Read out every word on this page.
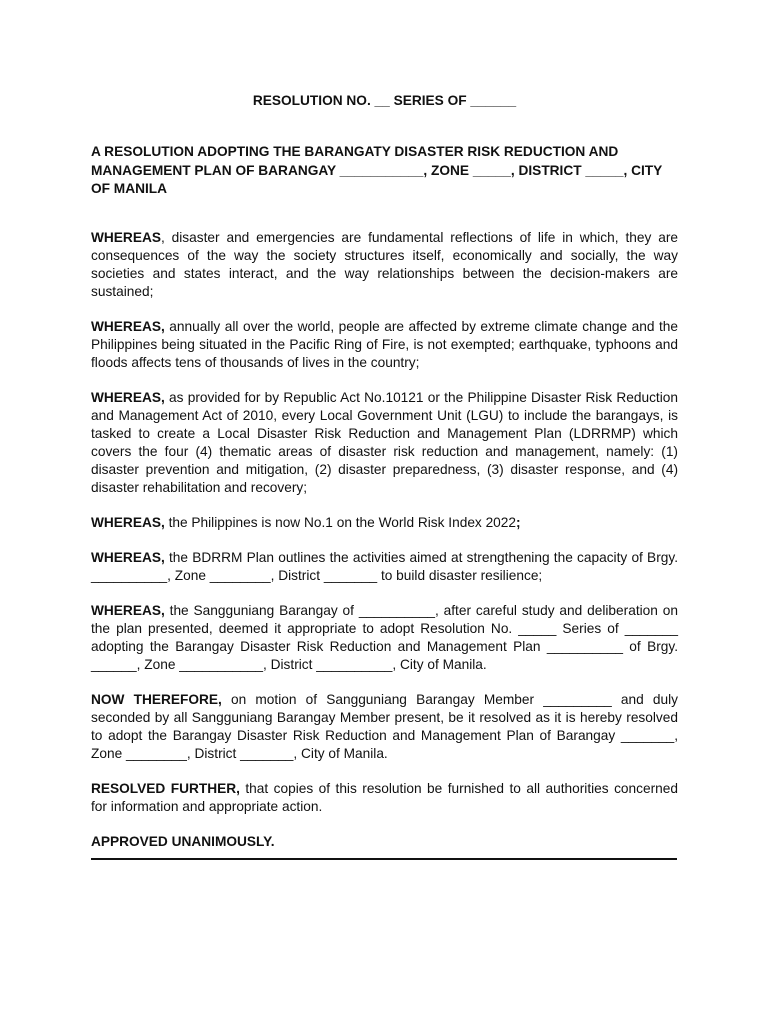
RESOLUTION NO. __ SERIES OF ______
A RESOLUTION ADOPTING THE BARANGATY DISASTER RISK REDUCTION AND MANAGEMENT PLAN OF BARANGAY ___________, ZONE _____, DISTRICT _____, CITY OF MANILA

WHEREAS, disaster and emergencies are fundamental reflections of life in which, they are consequences of the way the society structures itself, economically and socially, the way societies and states interact, and the way relationships between the decision-makers are sustained;

WHEREAS, annually all over the world, people are affected by extreme climate change and the Philippines being situated in the Pacific Ring of Fire, is not exempted; earthquake, typhoons and floods affects tens of thousands of lives in the country;

WHEREAS, as provided for by Republic Act No.10121 or the Philippine Disaster Risk Reduction and Management Act of 2010, every Local Government Unit (LGU) to include the barangays, is tasked to create a Local Disaster Risk Reduction and Management Plan (LDRRMP) which covers the four (4) thematic areas of disaster risk reduction and management, namely: (1) disaster prevention and mitigation, (2) disaster preparedness, (3) disaster response, and (4) disaster rehabilitation and recovery;

WHEREAS, the Philippines is now No.1 on the World Risk Index 2022;

WHEREAS, the BDRRM Plan outlines the activities aimed at strengthening the capacity of Brgy. __________, Zone ________, District _______ to build disaster resilience;

WHEREAS, the Sangguniang Barangay of __________, after careful study and deliberation on the plan presented, deemed it appropriate to adopt Resolution No. _____ Series of _______ adopting the Barangay Disaster Risk Reduction and Management Plan __________ of Brgy. ______, Zone ___________, District __________, City of Manila.

NOW THEREFORE, on motion of Sangguniang Barangay Member _________ and duly seconded by all Sangguniang Barangay Member present, be it resolved as it is hereby resolved to adopt the Barangay Disaster Risk Reduction and Management Plan of Barangay _______, Zone ________, District _______, City of Manila.

RESOLVED FURTHER, that copies of this resolution be furnished to all authorities concerned for information and appropriate action.

APPROVED UNANIMOUSLY.
